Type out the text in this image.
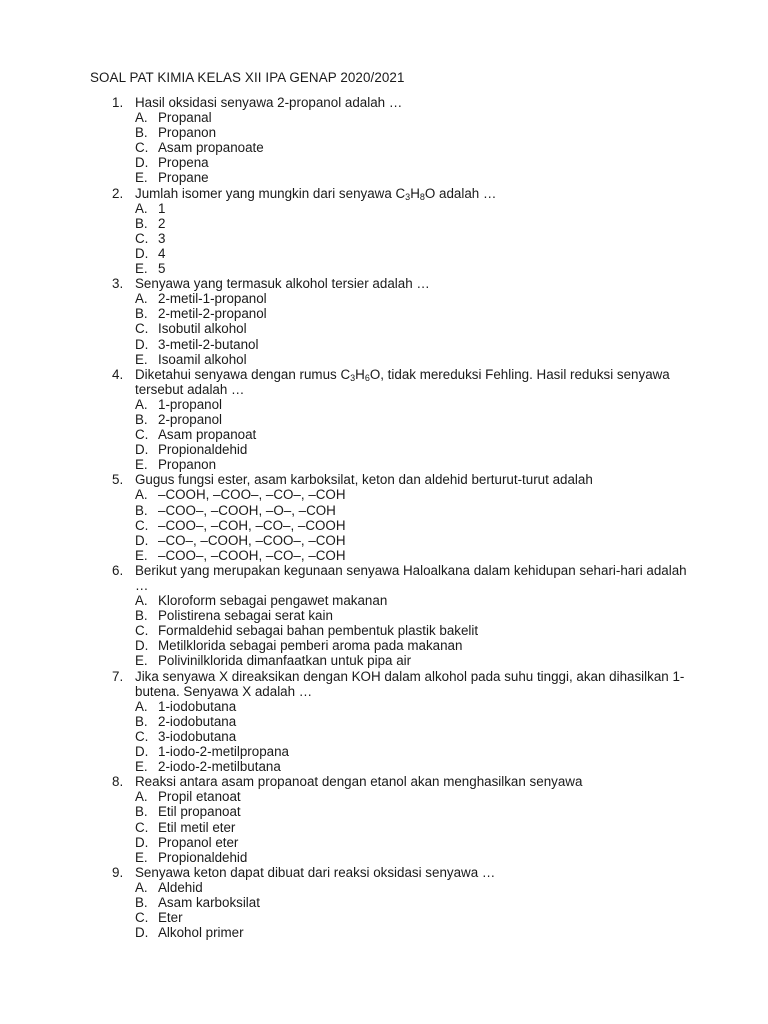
SOAL PAT KIMIA KELAS XII IPA GENAP 2020/2021
1. Hasil oksidasi senyawa 2-propanol adalah …

A. Propanal
B. Propanon
C. Asam propanoate
D. Propena
E. Propane
2. Jumlah isomer yang mungkin dari senyawa $C_3H_8O$ adalah …

A. 1
B. 2
C. 3
D. 4
E. 5
3. Senyawa yang termasuk alkohol tersier adalah …

A. 2-metil-1-propanol
B. 2-metil-2-propanol
C. Isobutil alkohol
D. 3-metil-2-butanol
E. Isoamil alkohol
4. Diketahui senyawa dengan rumus $C_3H_6O$, tidak mereduksi Fehling. Hasil reduksi senyawa tersebut adalah …

A. 1-propanol
B. 2-propanol
C. Asam propanoat
D. Propionaldehid
E. Propanon
5. Gugus fungsi ester, asam karboksilat, keton dan aldehid berturut-turut adalah

A. –COOH, –COO–, –CO–, –COH
B. –COO–, –COOH, –O–, –COH
C. –COO–, –COH, –CO–, –COOH
D. –CO–, –COOH, –COO–, –COH
E. –COO–, –COOH, –CO–, –COH
6. Berikut yang merupakan kegunaan senyawa Haloalkana dalam kehidupan sehari-hari adalah …

A. Kloroform sebagai pengawet makanan
B. Polistirena sebagai serat kain
C. Formaldehid sebagai bahan pembentuk plastik bakelit
D. Metilklorida sebagai pemberi aroma pada makanan
E. Polivinilklorida dimanfaatkan untuk pipa air
7. Jika senyawa X direaksikan dengan KOH dalam alkohol pada suhu tinggi, akan dihasilkan 1-butena. Senyawa X adalah …

A. 1-iodobutana
B. 2-iodobutana
C. 3-iodobutana
D. 1-iodo-2-metilpropana
E. 2-iodo-2-metilbutana
8. Reaksi antara asam propanoat dengan etanol akan menghasilkan senyawa

A. Propil etanoat
B. Etil propanoat
C. Etil metil eter
D. Propanol eter
E. Propionaldehid
9. Senyawa keton dapat dibuat dari reaksi oksidasi senyawa …

A. Aldehid
B. Asam karboksilat
C. Eter
D. Alkohol primer
